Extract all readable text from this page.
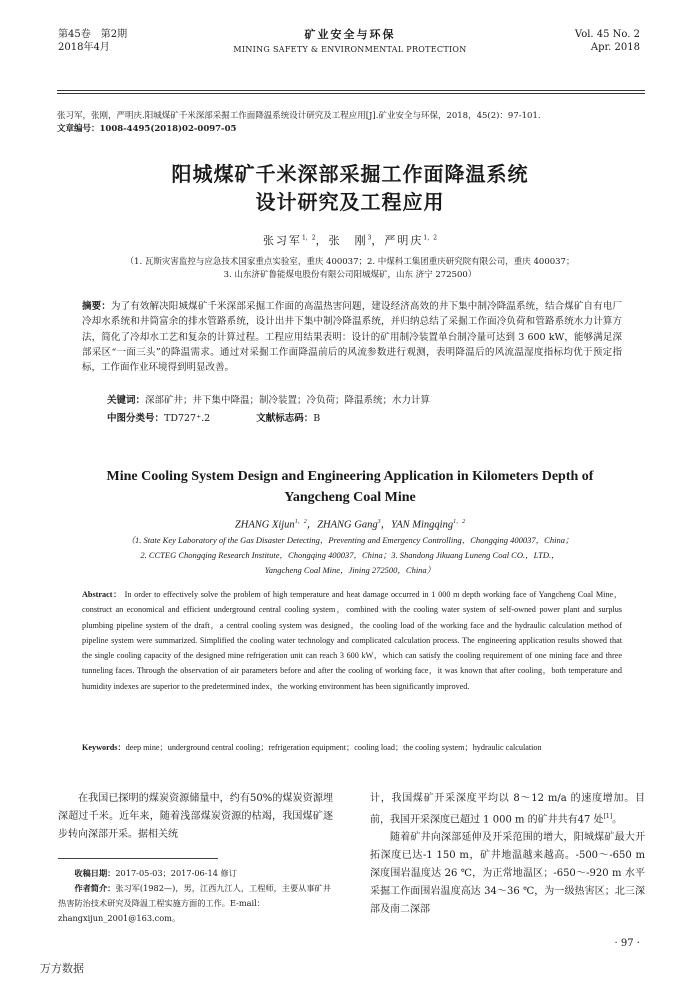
第45卷　第2期
2018年4月
矿业安全与环保
MINING SAFETY & ENVIRONMENTAL PROTECTION
Vol. 45 No. 2
Apr. 2018
张习军，张刚，严明庆.阳城煤矿千米深部采掘工作面降温系统设计研究及工程应用[J].矿业安全与环保，2018，45(2)：97-101.
文章编号：1008-4495(2018)02-0097-05
阳城煤矿千米深部采掘工作面降温系统
设计研究及工程应用
张习军$^{1,2}$，张　刚$^3$，严明庆$^{1,2}$
（1. 瓦斯灾害监控与应急技术国家重点实验室，重庆 400037；2. 中煤科工集团重庆研究院有限公司，重庆 400037；
3. 山东济矿鲁能煤电股份有限公司阳城煤矿，山东 济宁 272500）
摘要：为了有效解决阳城煤矿千米深部采掘工作面的高温热害问题，建设经济高效的井下集中制冷降温系统，结合煤矿自有电厂冷却水系统和井筒富余的排水管路系统，设计出井下集中制冷降温系统，并归纳总结了采掘工作面冷负荷和管路系统水力计算方法，简化了冷却水工艺和复杂的计算过程。工程应用结果表明：设计的矿用制冷装置单台制冷量可达到 3 600 kW，能够满足深部采区“一面三头”的降温需求。通过对采掘工作面降温前后的风流参数进行观测，表明降温后的风流温湿度指标均优于预定指标，工作面作业环境得到明显改善。
关键词：深部矿井；井下集中降温；制冷装置；冷负荷；降温系统；水力计算
中图分类号：TD727⁺.2	文献标志码：B
Mine Cooling System Design and Engineering Application in Kilometers Depth of Yangcheng Coal Mine
ZHANG Xijun$^{1,2}$，ZHANG Gang$^3$，YAN Mingqing$^{1,2}$
（1. State Key Laboratory of the Gas Disaster Detecting，Preventing and Emergency Controlling，Chongqing 400037，China；
2. CCTEG Chongqing Research Institute，Chongqing 400037，China；3. Shandong Jikuang Luneng Coal CO.，LTD.，
Yangcheng Coal Mine，Jining 272500，China）
Abstract： In order to effectively solve the problem of high temperature and heat damage occurred in 1 000 m depth working face of Yangcheng Coal Mine，construct an economical and efficient underground central cooling system，combined with the cooling water system of self-owned power plant and surplus plumbing pipeline system of the draft，a central cooling system was designed，the cooling load of the working face and the hydraulic calculation method of pipeline system were summarized. Simplified the cooling water technology and complicated calculation process. The engineering application results showed that the single cooling capacity of the designed mine refrigeration unit can reach 3 600 kW，which can satisfy the cooling requirement of one mining face and three tunneling faces. Through the observation of air parameters before and after the cooling of working face，it was known that after cooling，both temperature and humidity indexes are superior to the predetermined index，the working environment has been significantly improved.
Keywords：deep mine；underground central cooling；refrigeration equipment；cooling load；the cooling system；hydraulic calculation
在我国已探明的煤炭资源储量中，约有50%的煤炭资源埋深超过千米。近年来，随着浅部煤炭资源的枯竭，我国煤矿逐步转向深部开采。据相关统

计，我国煤矿开采深度平均以 8～12 m/a 的速度增加。目前，我国开采深度已超过 1 000 m 的矿井共有47 处[1]。

随着矿井向深部延伸及开采范围的增大，阳城煤矿最大开拓深度已达-1 150 m，矿井地温越来越高。-500～-650 m 深度围岩温度达 26 ℃，为正常地温区；-650～-920 m 水平采掘工作面围岩温度高达 34～36 ℃，为一级热害区；北三深部及南二深部

收稿日期：2017-05-03；2017-06-14 修订
作者简介：张习军(1982—)，男，江西九江人，工程师，主要从事矿井热害防治技术研究及降温工程实施方面的工作。E-mail：zhangxijun_2001@163.com。
· 97 ·
万方数据
